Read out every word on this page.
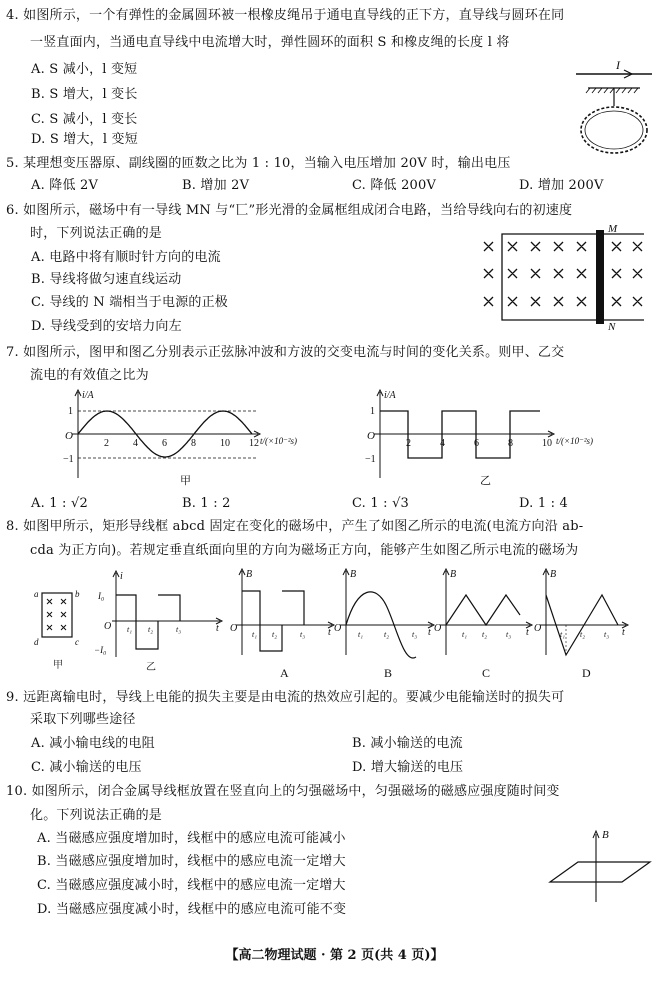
4. 如图所示，一个有弹性的金属圆环被一根橡皮绳吊于通电直导线的正下方，直导线与圆环在同
一竖直面内，当通电直导线中电流增大时，弹性圆环的面积 S 和橡皮绳的长度 l 将
A. S 减小，l 变短
B. S 增大，l 变长
C. S 减小，l 变长
D. S 增大，l 变短
I
5. 某理想变压器原、副线圈的匝数之比为 1 : 10，当输入电压增加 20V 时，输出电压
A. 降低 2V	B. 增加 2V	C. 降低 200V	D. 增加 200V
6. 如图所示，磁场中有一导线 MN 与“匸”形光滑的金属框组成闭合电路，当给导线向右的初速度
时，下列说法正确的是
A. 电路中将有顺时针方向的电流
B. 导线将做匀速直线运动
C. 导线的 N 端相当于电源的正极
D. 导线受到的安培力向左
M
N
7. 如图所示，图甲和图乙分别表示正弦脉冲波和方波的交变电流与时间的变化关系。则甲、乙交
流电的有效值之比为
i/A
O	t/(×10⁻²s)
1
−1
2 4 6 8 10 12
甲
i/A
O	t/(×10⁻²s)
1
−1
2	4	6	8	10
乙
A. 1 : √2	B. 1 : 2	C. 1 : √3	D. 1 : 4
8. 如图甲所示，矩形导线框 abcd 固定在变化的磁场中，产生了如图乙所示的电流(电流方向沿 ab-
cda 为正方向)。若规定垂直纸面向里的方向为磁场正方向，能够产生如图乙所示电流的磁场为
a	b
c
d
甲
i
O	t
I₀
−I₀
t₁ t₂	t₃
乙
B
O	t
t₁ t₂	t₃
A
B
O	t
t₁	t₂	t₃
B
B
O	t
t₁ t₂ t₃
C
B
O	t
t₁ t₂ t₃
D
9. 远距离输电时，导线上电能的损失主要是由电流的热效应引起的。要减少电能输送时的损失可
采取下列哪些途径
A. 减小输电线的电阻	B. 减小输送的电流
C. 减小输送的电压	D. 增大输送的电压
10. 如图所示，闭合金属导线框放置在竖直向上的匀强磁场中，匀强磁场的磁感应强度随时间变
化。下列说法正确的是
A. 当磁感应强度增加时，线框中的感应电流可能减小
B. 当磁感应强度增加时，线框中的感应电流一定增大
C. 当磁感应强度减小时，线框中的感应电流一定增大
D. 当磁感应强度减小时，线框中的感应电流可能不变
B
【高二物理试题 · 第 2 页(共 4 页)】
